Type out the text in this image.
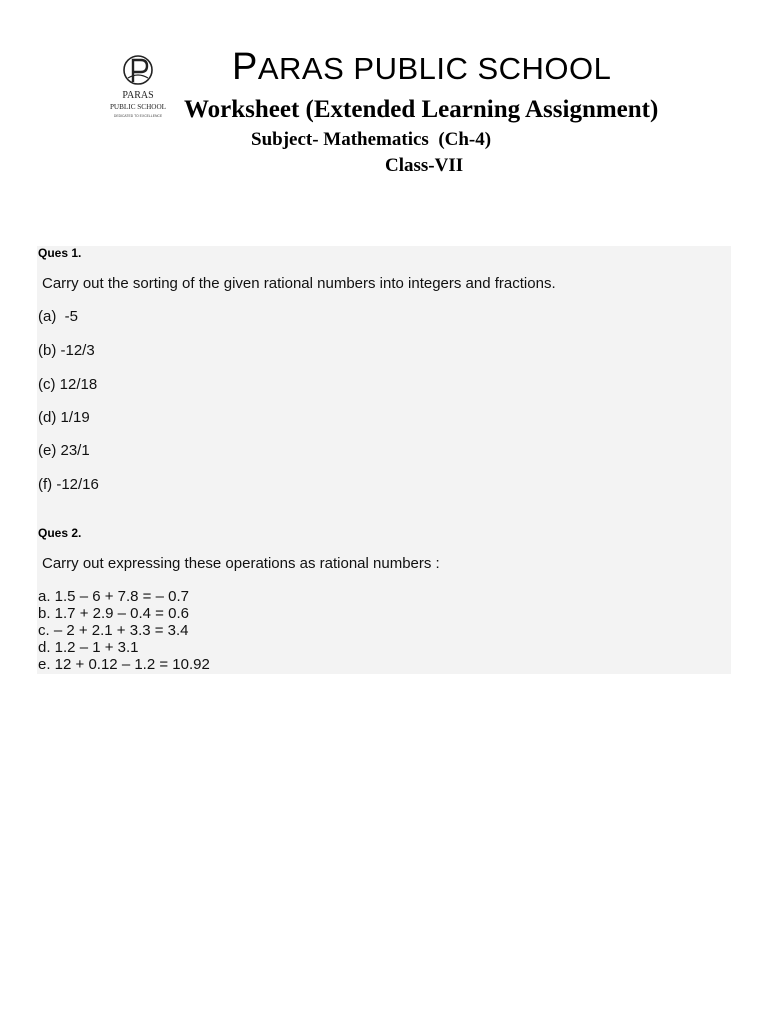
PARAS
PUBLIC SCHOOL
DEDICATED TO EXCELLENCE
PARAS PUBLIC SCHOOL
Worksheet (Extended Learning Assignment)
Subject- Mathematics  (Ch-4)
Class-VII
Ques 1.
Carry out the sorting of the given rational numbers into integers and fractions.
(a)  -5
(b) -12/3
(c) 12/18
(d) 1/19
(e) 23/1
(f) -12/16
Ques 2.
Carry out expressing these operations as rational numbers :
a. 1.5 – 6 + 7.8 = – 0.7
b. 1.7 + 2.9 – 0.4 = 0.6
c. – 2 + 2.1 + 3.3 = 3.4
d. 1.2 – 1 + 3.1
e. 12 + 0.12 – 1.2 = 10.92
